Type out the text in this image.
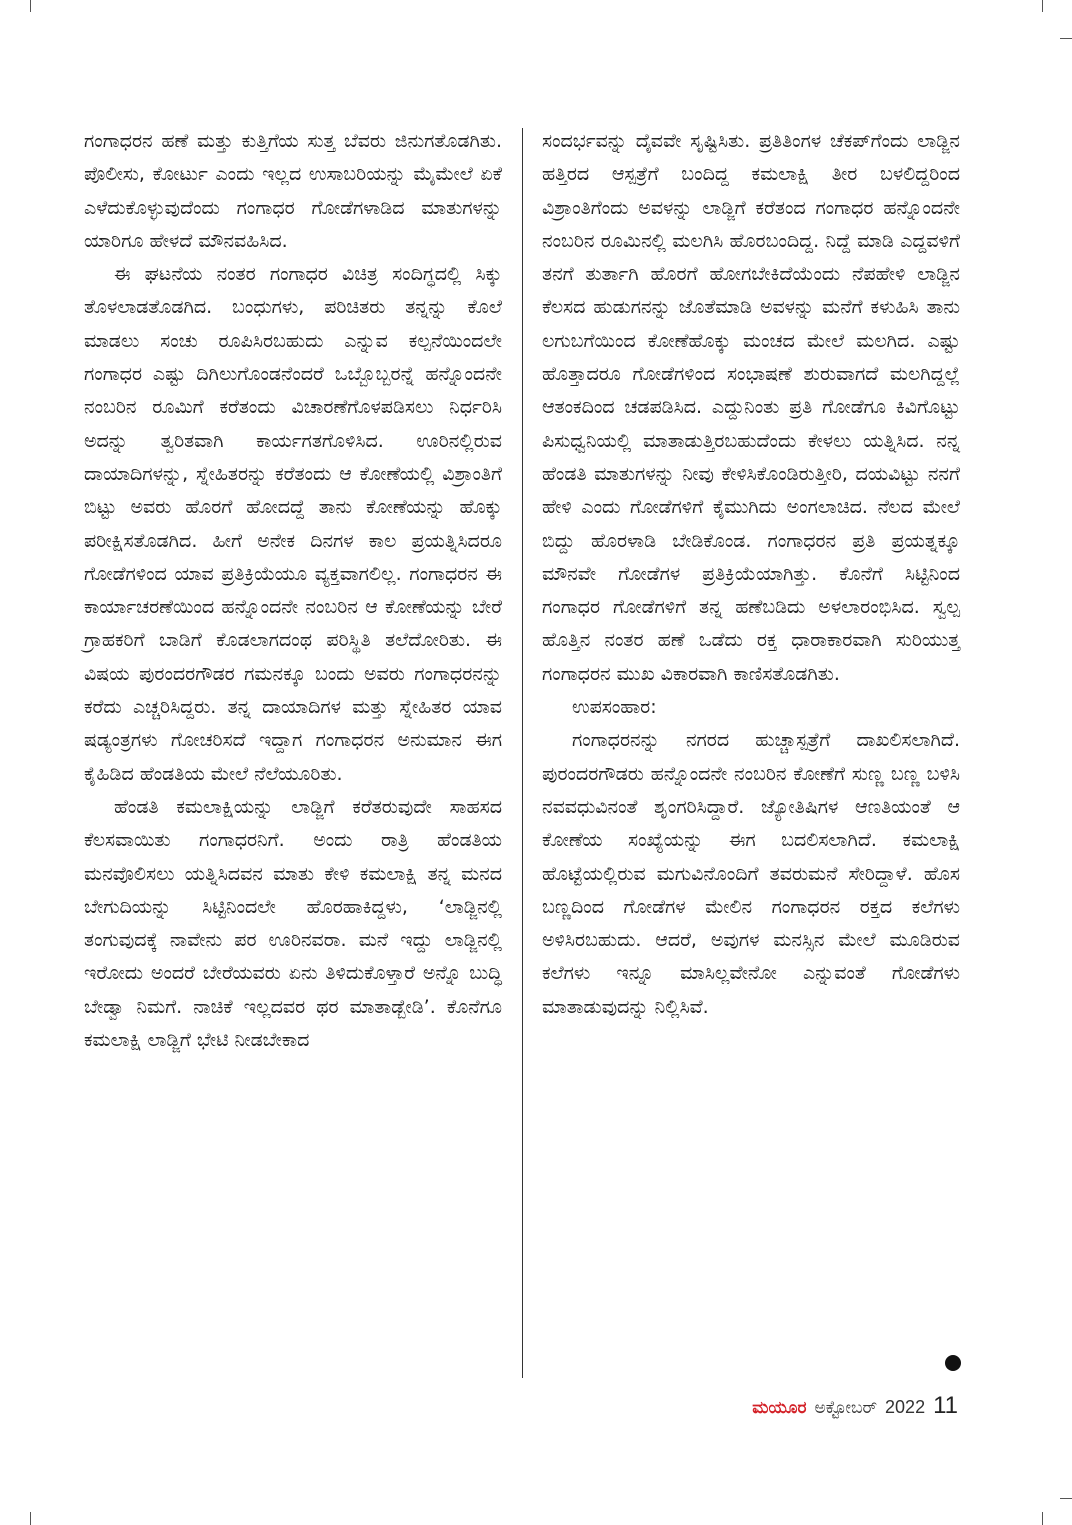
ಗಂಗಾಧರನ ಹಣೆ ಮತ್ತು ಕುತ್ತಿಗೆಯ ಸುತ್ತ ಬೆವರು ಜಿನುಗತೊಡಗಿತು. ಪೊಲೀಸು, ಕೋರ್ಟು ಎಂದು ಇಲ್ಲದ ಉಸಾಬರಿಯನ್ನು ಮೈಮೇಲೆ ಏಕೆ ಎಳೆದುಕೊಳ್ಳುವುದೆಂದು ಗಂಗಾಧರ ಗೋಡೆಗಳಾಡಿದ ಮಾತುಗಳನ್ನು ಯಾರಿಗೂ ಹೇಳದೆ ಮೌನವಹಿಸಿದ.

ಈ ಘಟನೆಯ ನಂತರ ಗಂಗಾಧರ ವಿಚಿತ್ರ ಸಂದಿಗ್ಧದಲ್ಲಿ ಸಿಕ್ಕು ತೊಳಲಾಡತೊಡಗಿದ. ಬಂಧುಗಳು, ಪರಿಚಿತರು ತನ್ನನ್ನು ಕೊಲೆ ಮಾಡಲು ಸಂಚು ರೂಪಿಸಿರಬಹುದು ಎನ್ನುವ ಕಲ್ಪನೆಯಿಂದಲೇ ಗಂಗಾಧರ ಎಷ್ಟು ದಿಗಿಲುಗೊಂಡನೆಂದರೆ ಒಬ್ಬೊಬ್ಬರನ್ನೆ ಹನ್ನೊಂದನೇ ನಂಬರಿನ ರೂಮಿಗೆ ಕರೆತಂದು ವಿಚಾರಣೆಗೊಳಪಡಿಸಲು ನಿರ್ಧರಿಸಿ ಅದನ್ನು ತ್ವರಿತವಾಗಿ ಕಾರ್ಯಗತಗೊಳಿಸಿದ. ಊರಿನಲ್ಲಿರುವ ದಾಯಾದಿಗಳನ್ನು, ಸ್ನೇಹಿತರನ್ನು ಕರೆತಂದು ಆ ಕೋಣೆಯಲ್ಲಿ ವಿಶ್ರಾಂತಿಗೆ ಬಿಟ್ಟು ಅವರು ಹೊರಗೆ ಹೋದದ್ದೆ ತಾನು ಕೋಣೆಯನ್ನು ಹೊಕ್ಕು ಪರೀಕ್ಷಿಸತೊಡಗಿದ. ಹೀಗೆ ಅನೇಕ ದಿನಗಳ ಕಾಲ ಪ್ರಯತ್ನಿಸಿದರೂ ಗೋಡೆಗಳಿಂದ ಯಾವ ಪ್ರತಿಕ್ರಿಯೆಯೂ ವ್ಯಕ್ತವಾಗಲಿಲ್ಲ. ಗಂಗಾಧರನ ಈ ಕಾರ್ಯಾಚರಣೆಯಿಂದ ಹನ್ನೊಂದನೇ ನಂಬರಿನ ಆ ಕೋಣೆಯನ್ನು ಬೇರೆ ಗ್ರಾಹಕರಿಗೆ ಬಾಡಿಗೆ ಕೊಡಲಾಗದಂಥ ಪರಿಸ್ಥಿತಿ ತಲೆದೋರಿತು. ಈ ವಿಷಯ ಪುರಂದರಗೌಡರ ಗಮನಕ್ಕೂ ಬಂದು ಅವರು ಗಂಗಾಧರನನ್ನು ಕರೆದು ಎಚ್ಚರಿಸಿದ್ದರು. ತನ್ನ ದಾಯಾದಿಗಳ ಮತ್ತು ಸ್ನೇಹಿತರ ಯಾವ ಷಡ್ಯಂತ್ರಗಳು ಗೋಚರಿಸದೆ ಇದ್ದಾಗ ಗಂಗಾಧರನ ಅನುಮಾನ ಈಗ ಕೈಹಿಡಿದ ಹೆಂಡತಿಯ ಮೇಲೆ ನೆಲೆಯೂರಿತು.

ಹೆಂಡತಿ ಕಮಲಾಕ್ಷಿಯನ್ನು ಲಾಡ್ಜಿಗೆ ಕರೆತರುವುದೇ ಸಾಹಸದ ಕೆಲಸವಾಯಿತು ಗಂಗಾಧರನಿಗೆ. ಅಂದು ರಾತ್ರಿ ಹೆಂಡತಿಯ ಮನವೊಲಿಸಲು ಯತ್ನಿಸಿದವನ ಮಾತು ಕೇಳಿ ಕಮಲಾಕ್ಷಿ ತನ್ನ ಮನದ ಬೇಗುದಿಯನ್ನು ಸಿಟ್ಟಿನಿಂದಲೇ ಹೊರಹಾಕಿದ್ದಳು, ‘ಲಾಡ್ಜಿನಲ್ಲಿ ತಂಗುವುದಕ್ಕೆ ನಾವೇನು ಪರ ಊರಿನವರಾ. ಮನೆ ಇದ್ದು ಲಾಡ್ಜಿನಲ್ಲಿ ಇರೋದು ಅಂದರೆ ಬೇರೆಯವರು ಏನು ತಿಳಿದುಕೊಳ್ತಾರೆ ಅನ್ನೊ ಬುದ್ಧಿ ಬೇಡ್ವಾ ನಿಮಗೆ. ನಾಚಿಕೆ ಇಲ್ಲದವರ ಥರ ಮಾತಾಡ್ಬೇಡಿ’. ಕೊನೆಗೂ ಕಮಲಾಕ್ಷಿ ಲಾಡ್ಜಿಗೆ ಭೇಟಿ ನೀಡಬೇಕಾದ

ಸಂದರ್ಭವನ್ನು ದೈವವೇ ಸೃಷ್ಟಿಸಿತು. ಪ್ರತಿತಿಂಗಳ ಚೆಕಪ್‌ಗೆಂದು ಲಾಡ್ಜಿನ ಹತ್ತಿರದ ಆಸ್ಪತ್ರೆಗೆ ಬಂದಿದ್ದ ಕಮಲಾಕ್ಷಿ ತೀರ ಬಳಲಿದ್ದರಿಂದ ವಿಶ್ರಾಂತಿಗೆಂದು ಅವಳನ್ನು ಲಾಡ್ಜಿಗೆ ಕರೆತಂದ ಗಂಗಾಧರ ಹನ್ನೊಂದನೇ ನಂಬರಿನ ರೂಮಿನಲ್ಲಿ ಮಲಗಿಸಿ ಹೊರಬಂದಿದ್ದ. ನಿದ್ದೆ ಮಾಡಿ ಎದ್ದವಳಿಗೆ ತನಗೆ ತುರ್ತಾಗಿ ಹೊರಗೆ ಹೋಗಬೇಕಿದೆಯೆಂದು ನೆಪಹೇಳಿ ಲಾಡ್ಜಿನ ಕೆಲಸದ ಹುಡುಗನನ್ನು ಜೊತೆಮಾಡಿ ಅವಳನ್ನು ಮನೆಗೆ ಕಳುಹಿಸಿ ತಾನು ಲಗುಬಗೆಯಿಂದ ಕೋಣೆಹೊಕ್ಕು ಮಂಚದ ಮೇಲೆ ಮಲಗಿದ. ಎಷ್ಟು ಹೊತ್ತಾದರೂ ಗೋಡೆಗಳಿಂದ ಸಂಭಾಷಣೆ ಶುರುವಾಗದೆ ಮಲಗಿದ್ದಲ್ಲೆ ಆತಂಕದಿಂದ ಚಡಪಡಿಸಿದ. ಎದ್ದುನಿಂತು ಪ್ರತಿ ಗೋಡೆಗೂ ಕಿವಿಗೊಟ್ಟು ಪಿಸುಧ್ವನಿಯಲ್ಲಿ ಮಾತಾಡುತ್ತಿರಬಹುದೆಂದು ಕೇಳಲು ಯತ್ನಿಸಿದ. ನನ್ನ ಹೆಂಡತಿ ಮಾತುಗಳನ್ನು ನೀವು ಕೇಳಿಸಿಕೊಂಡಿರುತ್ತೀರಿ, ದಯವಿಟ್ಟು ನನಗೆ ಹೇಳಿ ಎಂದು ಗೋಡೆಗಳಿಗೆ ಕೈಮುಗಿದು ಅಂಗಲಾಚಿದ. ನೆಲದ ಮೇಲೆ ಬಿದ್ದು ಹೊರಳಾಡಿ ಬೇಡಿಕೊಂಡ. ಗಂಗಾಧರನ ಪ್ರತಿ ಪ್ರಯತ್ನಕ್ಕೂ ಮೌನವೇ ಗೋಡೆಗಳ ಪ್ರತಿಕ್ರಿಯೆಯಾಗಿತ್ತು. ಕೊನೆಗೆ ಸಿಟ್ಟಿನಿಂದ ಗಂಗಾಧರ ಗೋಡೆಗಳಿಗೆ ತನ್ನ ಹಣೆಬಡಿದು ಅಳಲಾರಂಭಿಸಿದ. ಸ್ವಲ್ಪ ಹೊತ್ತಿನ ನಂತರ ಹಣೆ ಒಡೆದು ರಕ್ತ ಧಾರಾಕಾರವಾಗಿ ಸುರಿಯುತ್ತ ಗಂಗಾಧರನ ಮುಖ ವಿಕಾರವಾಗಿ ಕಾಣಿಸತೊಡಗಿತು.

ಉಪಸಂಹಾರ:

ಗಂಗಾಧರನನ್ನು ನಗರದ ಹುಚ್ಚಾಸ್ಪತ್ರೆಗೆ ದಾಖಲಿಸಲಾಗಿದೆ. ಪುರಂದರಗೌಡರು ಹನ್ನೊಂದನೇ ನಂಬರಿನ ಕೋಣೆಗೆ ಸುಣ್ಣ ಬಣ್ಣ ಬಳಿಸಿ ನವವಧುವಿನಂತೆ ಶೃಂಗರಿಸಿದ್ದಾರೆ. ಜ್ಯೋತಿಷಿಗಳ ಆಣತಿಯಂತೆ ಆ ಕೋಣೆಯ ಸಂಖ್ಯೆಯನ್ನು ಈಗ ಬದಲಿಸಲಾಗಿದೆ. ಕಮಲಾಕ್ಷಿ ಹೊಟ್ಟೆಯಲ್ಲಿರುವ ಮಗುವಿನೊಂದಿಗೆ ತವರುಮನೆ ಸೇರಿದ್ದಾಳೆ. ಹೊಸ ಬಣ್ಣದಿಂದ ಗೋಡೆಗಳ ಮೇಲಿನ ಗಂಗಾಧರನ ರಕ್ತದ ಕಲೆಗಳು ಅಳಿಸಿರಬಹುದು. ಆದರೆ, ಅವುಗಳ ಮನಸ್ಸಿನ ಮೇಲೆ ಮೂಡಿರುವ ಕಲೆಗಳು ಇನ್ನೂ ಮಾಸಿಲ್ಲವೇನೋ ಎನ್ನುವಂತೆ ಗೋಡೆಗಳು ಮಾತಾಡುವುದನ್ನು ನಿಲ್ಲಿಸಿವೆ.

ಮಯೂರ ಅಕ್ಟೋಬರ್ 2022 11
